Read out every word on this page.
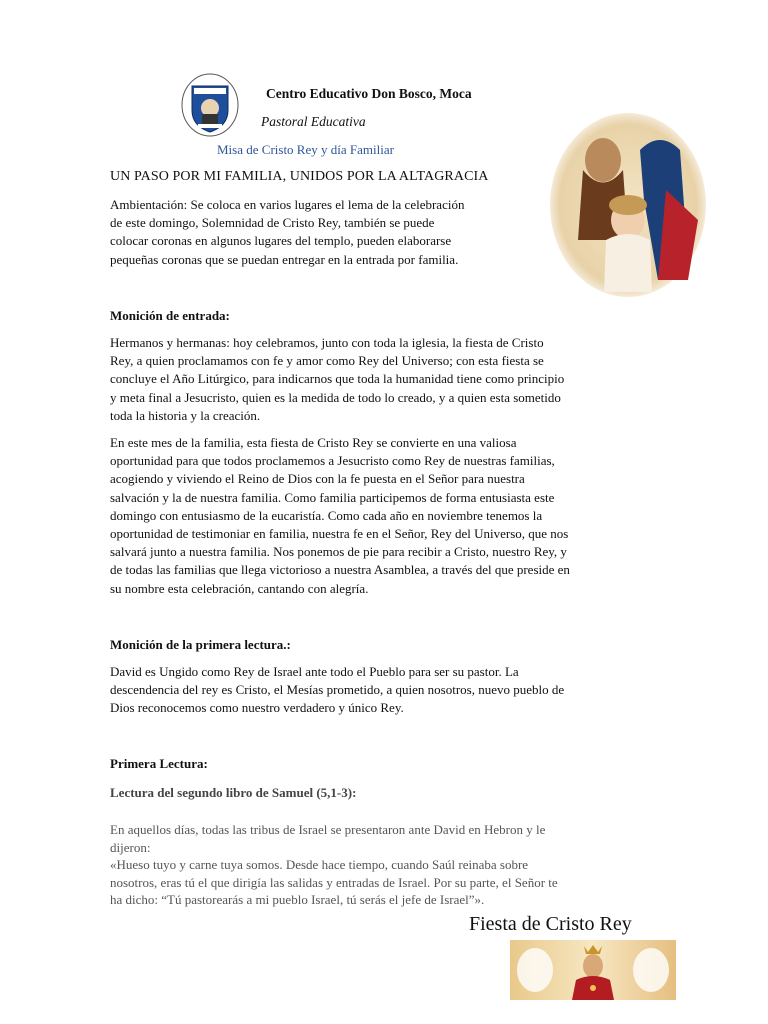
Centro Educativo Don Bosco, Moca
Pastoral Educativa
Misa de Cristo Rey y día Familiar
UN PASO POR MI FAMILIA, UNIDOS POR LA ALTAGRACIA
Ambientación: Se coloca en varios lugares el lema de la celebración
de este domingo, Solemnidad de Cristo Rey, también se puede
colocar coronas en algunos lugares del templo, pueden elaborarse
pequeñas coronas que se puedan entregar en la entrada por familia.
Monición de entrada:
Hermanos y hermanas: hoy celebramos, junto con toda la iglesia, la fiesta de Cristo
Rey, a quien proclamamos con fe y amor como Rey del Universo; con esta fiesta se
concluye el Año Litúrgico, para indicarnos que toda la humanidad tiene como principio
y meta final a Jesucristo, quien es la medida de todo lo creado, y a quien esta sometido
toda la historia y la creación.
En este mes de la familia, esta fiesta de Cristo Rey se convierte en una valiosa
oportunidad para que todos proclamemos a Jesucristo como Rey de nuestras familias,
acogiendo y viviendo el Reino de Dios con la fe puesta en el Señor para nuestra
salvación y la de nuestra familia. Como familia participemos de forma entusiasta este
domingo con entusiasmo de la eucaristía. Como cada año en noviembre tenemos la
oportunidad de testimoniar en familia, nuestra fe en el Señor, Rey del Universo, que nos
salvará junto a nuestra familia. Nos ponemos de pie para recibir a Cristo, nuestro Rey, y
de todas las familias que llega victorioso a nuestra Asamblea, a través del que preside en
su nombre esta celebración, cantando con alegría.
Monición de la primera lectura.:
David es Ungido como Rey de Israel ante todo el Pueblo para ser su pastor. La
descendencia del rey es Cristo, el Mesías prometido, a quien nosotros, nuevo pueblo de
Dios reconocemos como nuestro verdadero y único Rey.
Primera Lectura:
Lectura del segundo libro de Samuel (5,1-3):
En aquellos días, todas las tribus de Israel se presentaron ante David en Hebron y le
dijeron:
«Hueso tuyo y carne tuya somos. Desde hace tiempo, cuando Saúl reinaba sobre
nosotros, eras tú el que dirigía las salidas y entradas de Israel. Por su parte, el Señor te
ha dicho: “Tú pastorearás a mi pueblo Israel, tú serás el jefe de Israel”».
Fiesta de Cristo Rey
